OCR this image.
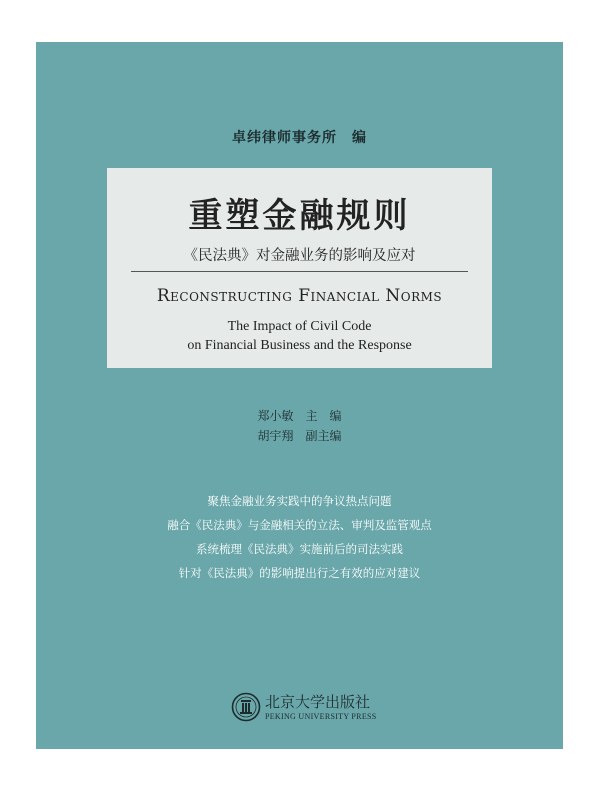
卓纬律师事务所　编
重塑金融规则
《民法典》对金融业务的影响及应对
Reconstructing Financial Norms
The Impact of Civil Code
on Financial Business and the Response
郑小敏　主　编
胡宇翔　副主编
聚焦金融业务实践中的争议热点问题
融合《民法典》与金融相关的立法、审判及监管观点
系统梳理《民法典》实施前后的司法实践
针对《民法典》的影响提出行之有效的应对建议
北京大学出版社
PEKING UNIVERSITY PRESS
